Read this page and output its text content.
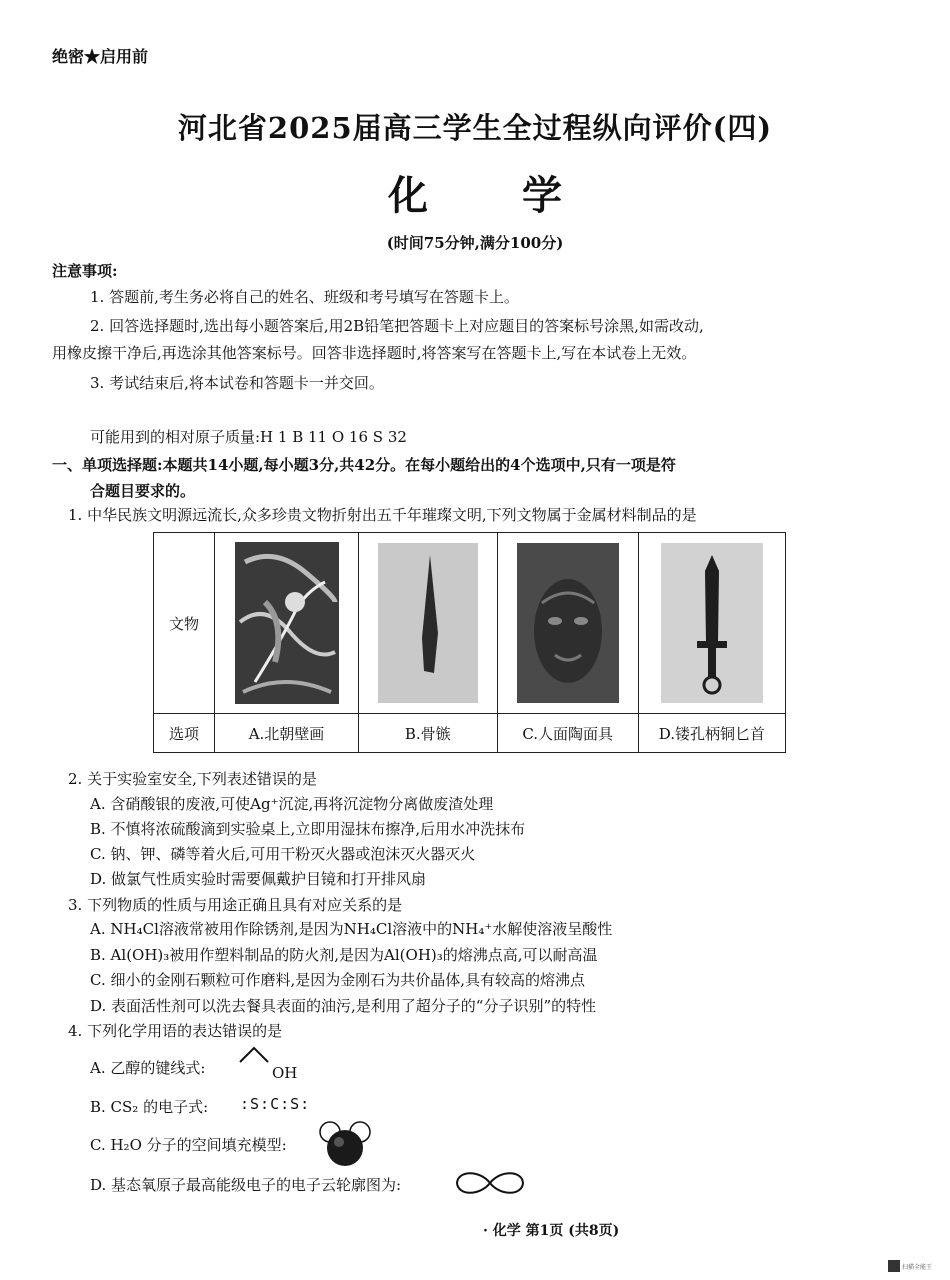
绝密★启用前
河北省2025届高三学生全过程纵向评价(四)
化 学
(时间75分钟,满分100分)
注意事项:
1. 答题前,考生务必将自己的姓名、班级和考号填写在答题卡上。
2. 回答选择题时,选出每小题答案后,用2B铅笔把答题卡上对应题目的答案标号涂黑,如需改动,
用橡皮擦干净后,再选涂其他答案标号。回答非选择题时,将答案写在答题卡上,写在本试卷上无效。
3. 考试结束后,将本试卷和答题卡一并交回。
可能用到的相对原子质量:H 1 B 11 O 16 S 32
一、单项选择题:本题共14小题,每小题3分,共42分。在每小题给出的4个选项中,只有一项是符
合题目要求的。
1. 中华民族文明源远流长,众多珍贵文物折射出五千年璀璨文明,下列文物属于金属材料制品的是
文物	

选项	A.北朝壁画	B.骨镞	C.人面陶面具	D.镂孔柄铜匕首
2. 关于实验室安全,下列表述错误的是
A. 含硝酸银的废液,可使Ag⁺沉淀,再将沉淀物分离做废渣处理
B. 不慎将浓硫酸滴到实验桌上,立即用湿抹布擦净,后用水冲洗抹布
C. 钠、钾、磷等着火后,可用干粉灭火器或泡沫灭火器灭火
D. 做氯气性质实验时需要佩戴护目镜和打开排风扇
3. 下列物质的性质与用途正确且具有对应关系的是
A. NH₄Cl溶液常被用作除锈剂,是因为NH₄Cl溶液中的NH₄⁺水解使溶液呈酸性
B. Al(OH)₃被用作塑料制品的防火剂,是因为Al(OH)₃的熔沸点高,可以耐高温
C. 细小的金刚石颗粒可作磨料,是因为金刚石为共价晶体,具有较高的熔沸点
D. 表面活性剂可以洗去餐具表面的油污,是利用了超分子的“分子识别”的特性
4. 下列化学用语的表达错误的是
A. 乙醇的键线式:	OH
B. CS₂ 的电子式: :S:C:S:
C. H₂O 分子的空间填充模型:
D. 基态氧原子最高能级电子的电子云轮廓图为:
· 化学 第1页 (共8页)
扫描全能王
